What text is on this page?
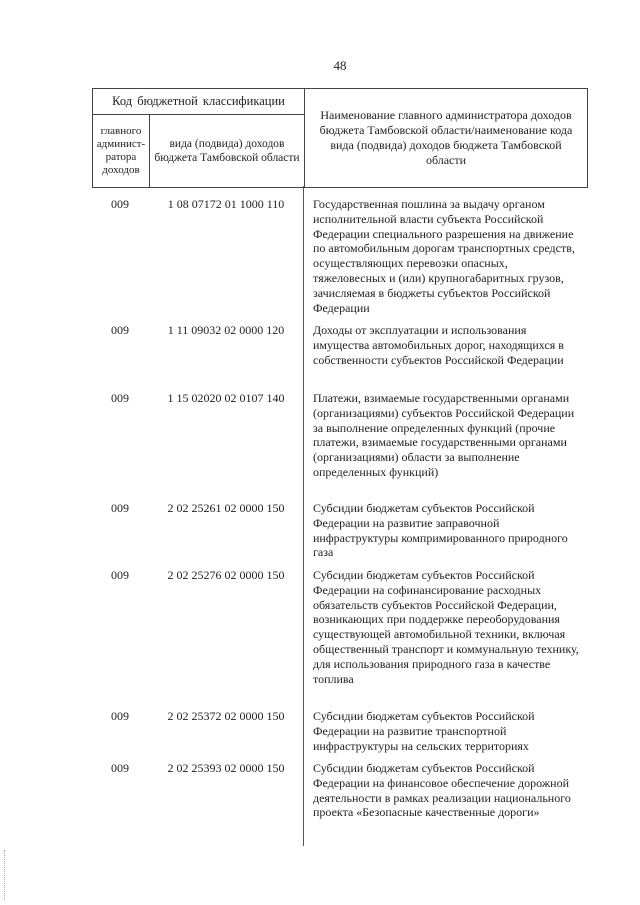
48
Код бюджетной классификации
главного админист-ратора доходов
вида (подвида) доходов бюджета Тамбовской области
Наименование главного администратора доходов бюджета Тамбовской области/наименование кода вида (подвида) доходов бюджета Тамбовской области
009	1 08 07172 01 1000 110	Государственная пошлина за выдачу органом исполнительной власти субъекта Российской Федерации специального разрешения на движение по автомобильным дорогам транспортных средств, осуществляющих перевозки опасных, тяжеловесных и (или) крупногабаритных грузов, зачисляемая в бюджеты субъектов Российской Федерации
009	1 11 09032 02 0000 120	Доходы от эксплуатации и использования имущества автомобильных дорог, находящихся в собственности субъектов Российской Федерации
009	1 15 02020 02 0107 140	Платежи, взимаемые государственными органами (организациями) субъектов Российской Федерации за выполнение определенных функций (прочие платежи, взимаемые государственными органами (организациями) области за выполнение определенных функций)
009	2 02 25261 02 0000 150	Субсидии бюджетам субъектов Российской Федерации на развитие заправочной инфраструктуры компримированного природного газа
009	2 02 25276 02 0000 150	Субсидии бюджетам субъектов Российской Федерации на софинансирование расходных обязательств субъектов Российской Федерации, возникающих при поддержке переоборудования существующей автомобильной техники, включая общественный транспорт и коммунальную технику, для использования природного газа в качестве топлива
009	2 02 25372 02 0000 150	Субсидии бюджетам субъектов Российской Федерации на развитие транспортной инфраструктуры на сельских территориях
009	2 02 25393 02 0000 150	Субсидии бюджетам субъектов Российской Федерации на финансовое обеспечение дорожной деятельности в рамках реализации национального проекта «Безопасные качественные дороги»
